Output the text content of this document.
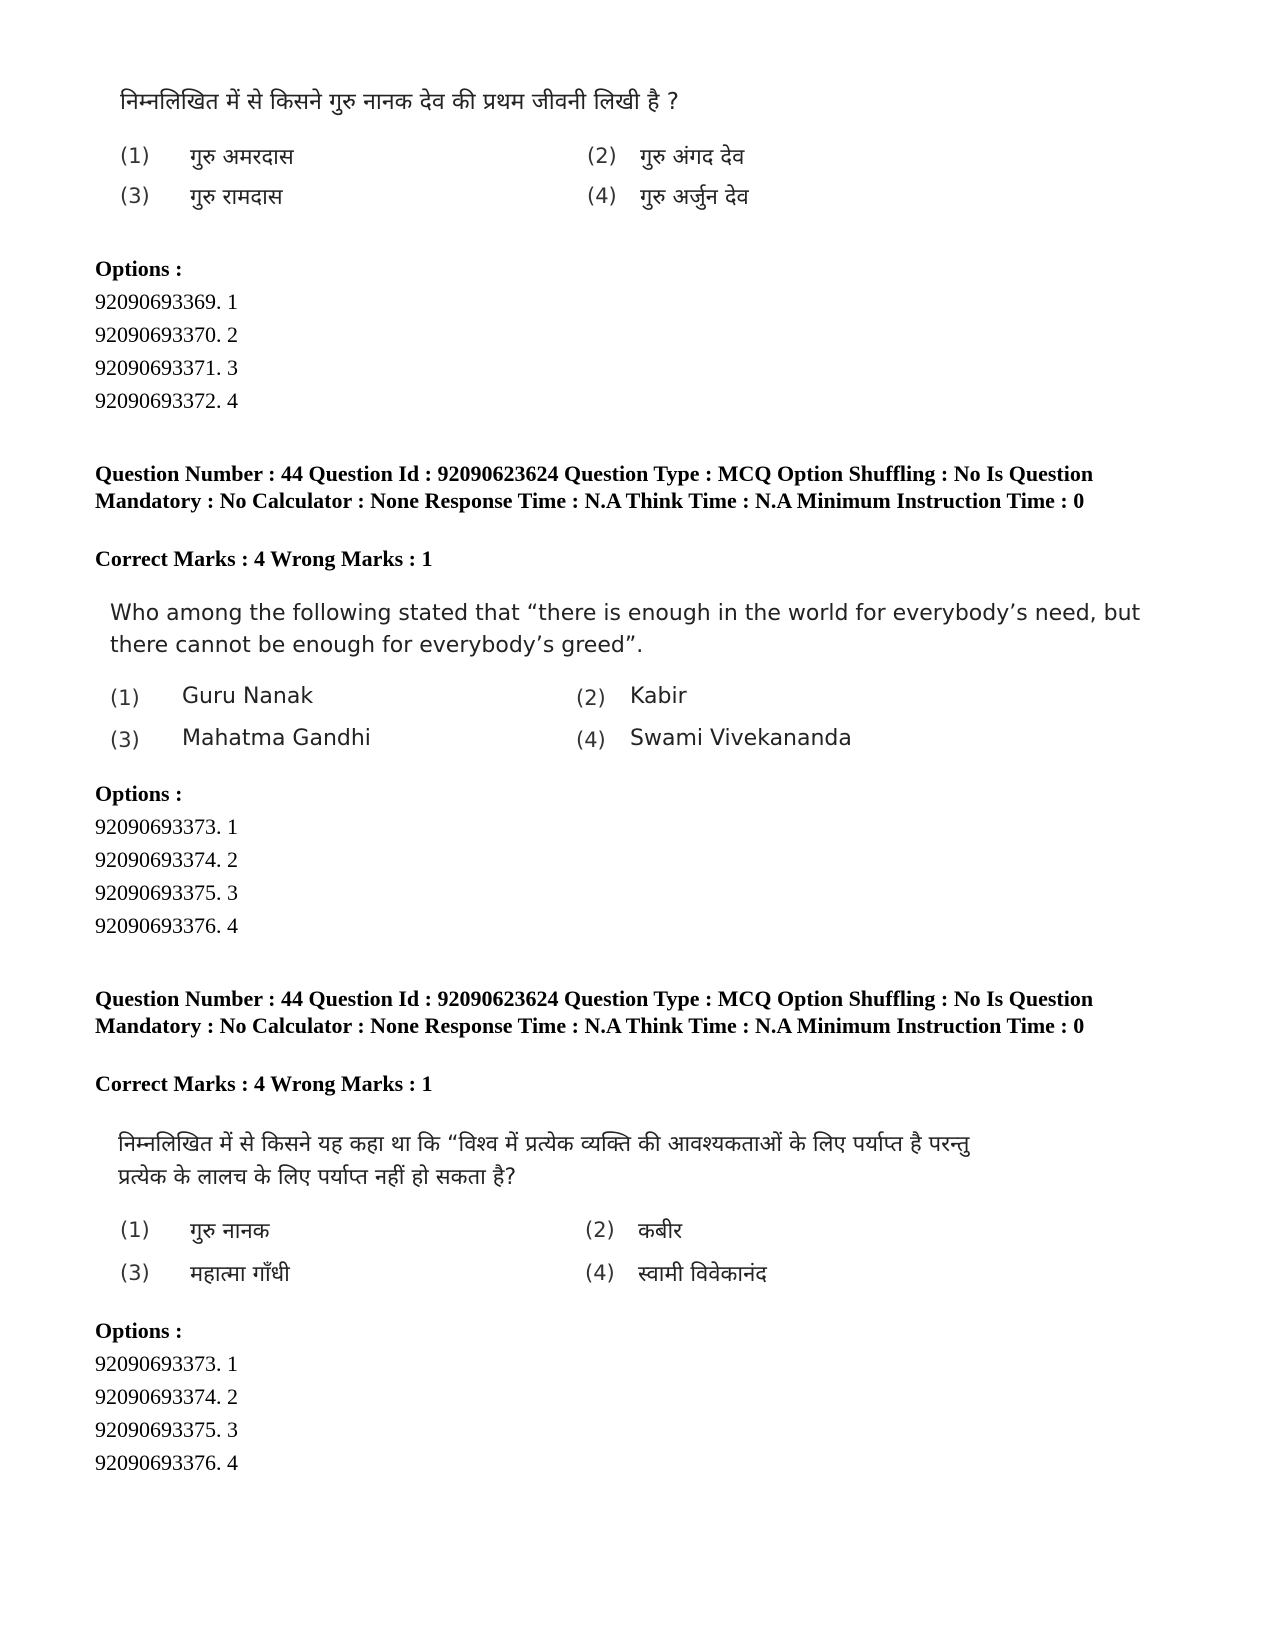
निम्नलिखित में से किसने गुरु नानक देव की प्रथम जीवनी लिखी है ?
(1) गुरु अमरदास	(2) गुरु अंगद देव
(3) गुरु रामदास	(4) गुरु अर्जुन देव
Options :
92090693369. 1
92090693370. 2
92090693371. 3
92090693372. 4
Question Number : 44 Question Id : 92090623624 Question Type : MCQ Option Shuffling : No Is Question Mandatory : No Calculator : None Response Time : N.A Think Time : N.A Minimum Instruction Time : 0
Correct Marks : 4 Wrong Marks : 1
Who among the following stated that “there is enough in the world for everybody’s need, but
there cannot be enough for everybody’s greed”.
(1) Guru Nanak	(2) Kabir
(3) Mahatma Gandhi	(4) Swami Vivekananda
Options :
92090693373. 1
92090693374. 2
92090693375. 3
92090693376. 4
Question Number : 44 Question Id : 92090623624 Question Type : MCQ Option Shuffling : No Is Question Mandatory : No Calculator : None Response Time : N.A Think Time : N.A Minimum Instruction Time : 0
Correct Marks : 4 Wrong Marks : 1
निम्नलिखित में से किसने यह कहा था कि “विश्व में प्रत्येक व्यक्ति की आवश्यकताओं के लिए पर्याप्त है परन्तु
प्रत्येक के लालच के लिए पर्याप्त नहीं हो सकता है?
(1) गुरु नानक	(2) कबीर
(3) महात्मा गाँधी	(4) स्वामी विवेकानंद
Options :
92090693373. 1
92090693374. 2
92090693375. 3
92090693376. 4
